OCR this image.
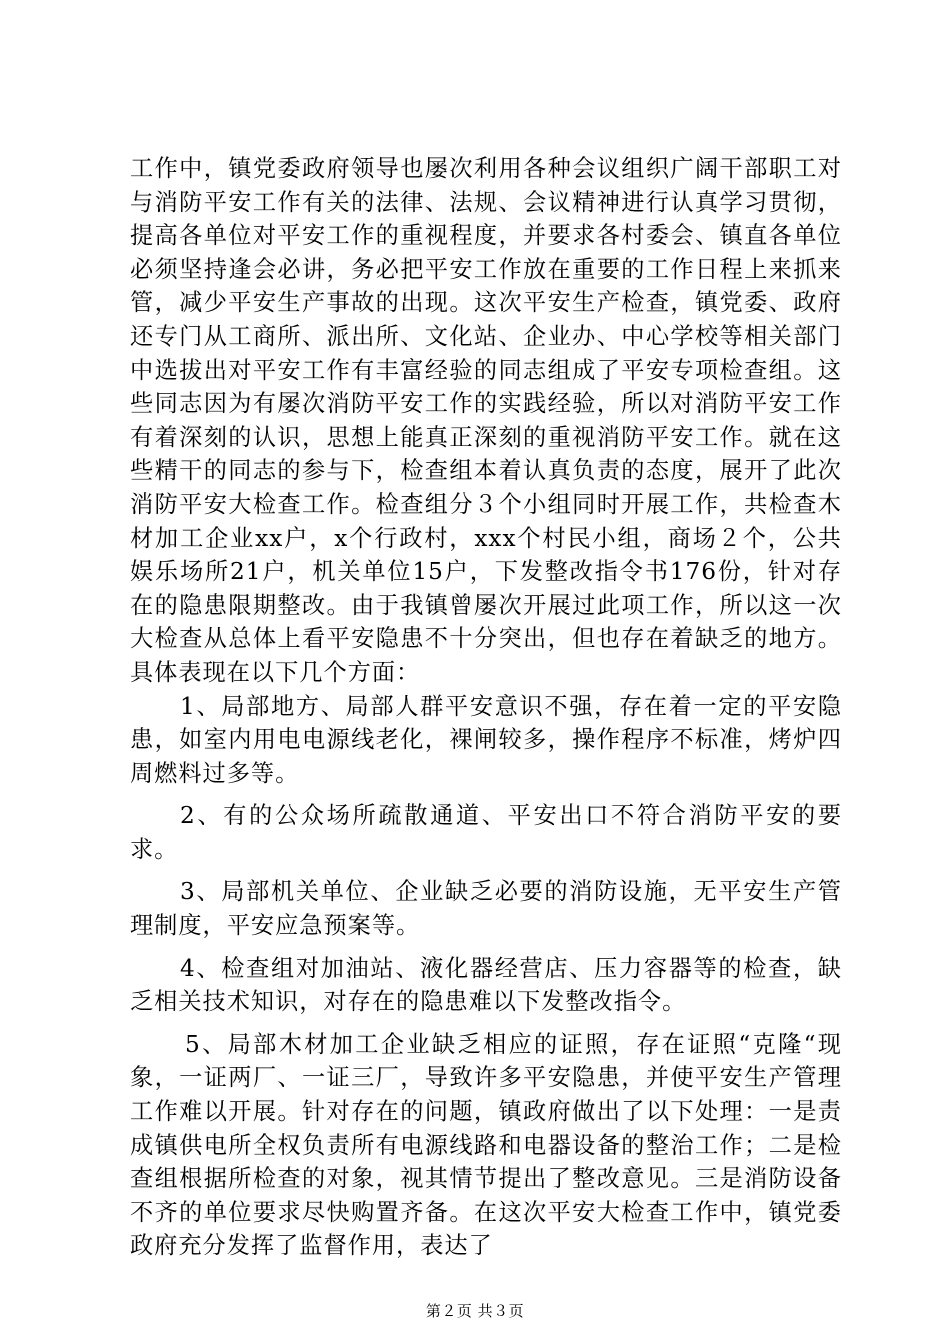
工作中，镇党委政府领导也屡次利用各种会议组织广阔干部职工对与消防平安工作有关的法律、法规、会议精神进行认真学习贯彻，提高各单位对平安工作的重视程度，并要求各村委会、镇直各单位必须坚持逢会必讲，务必把平安工作放在重要的工作日程上来抓来管，减少平安生产事故的出现。这次平安生产检查，镇党委、政府还专门从工商所、派出所、文化站、企业办、中心学校等相关部门中选拔出对平安工作有丰富经验的同志组成了平安专项检查组。这些同志因为有屡次消防平安工作的实践经验，所以对消防平安工作有着深刻的认识，思想上能真正深刻的重视消防平安工作。就在这些精干的同志的参与下，检查组本着认真负责的态度，展开了此次消防平安大检查工作。检查组分３个小组同时开展工作，共检查木材加工企业xx户，x个行政村，xxx个村民小组，商场２个，公共娱乐场所21户，机关单位15户，下发整改指令书176份，针对存在的隐患限期整改。由于我镇曾屡次开展过此项工作，所以这一次大检查从总体上看平安隐患不十分突出，但也存在着缺乏的地方。具体表现在以下几个方面：

1、局部地方、局部人群平安意识不强，存在着一定的平安隐患，如室内用电电源线老化，裸闸较多，操作程序不标准，烤炉四周燃料过多等。

2、有的公众场所疏散通道、平安出口不符合消防平安的要求。

3、局部机关单位、企业缺乏必要的消防设施，无平安生产管理制度，平安应急预案等。

4、检查组对加油站、液化器经营店、压力容器等的检查，缺乏相关技术知识，对存在的隐患难以下发整改指令。

5、局部木材加工企业缺乏相应的证照，存在证照“克隆“现象，一证两厂、一证三厂，导致许多平安隐患，并使平安生产管理工作难以开展。针对存在的问题，镇政府做出了以下处理：一是责成镇供电所全权负责所有电源线路和电器设备的整治工作；二是检查组根据所检查的对象，视其情节提出了整改意见。三是消防设备不齐的单位要求尽快购置齐备。在这次平安大检查工作中，镇党委政府充分发挥了监督作用，表达了

第２页 共３页
